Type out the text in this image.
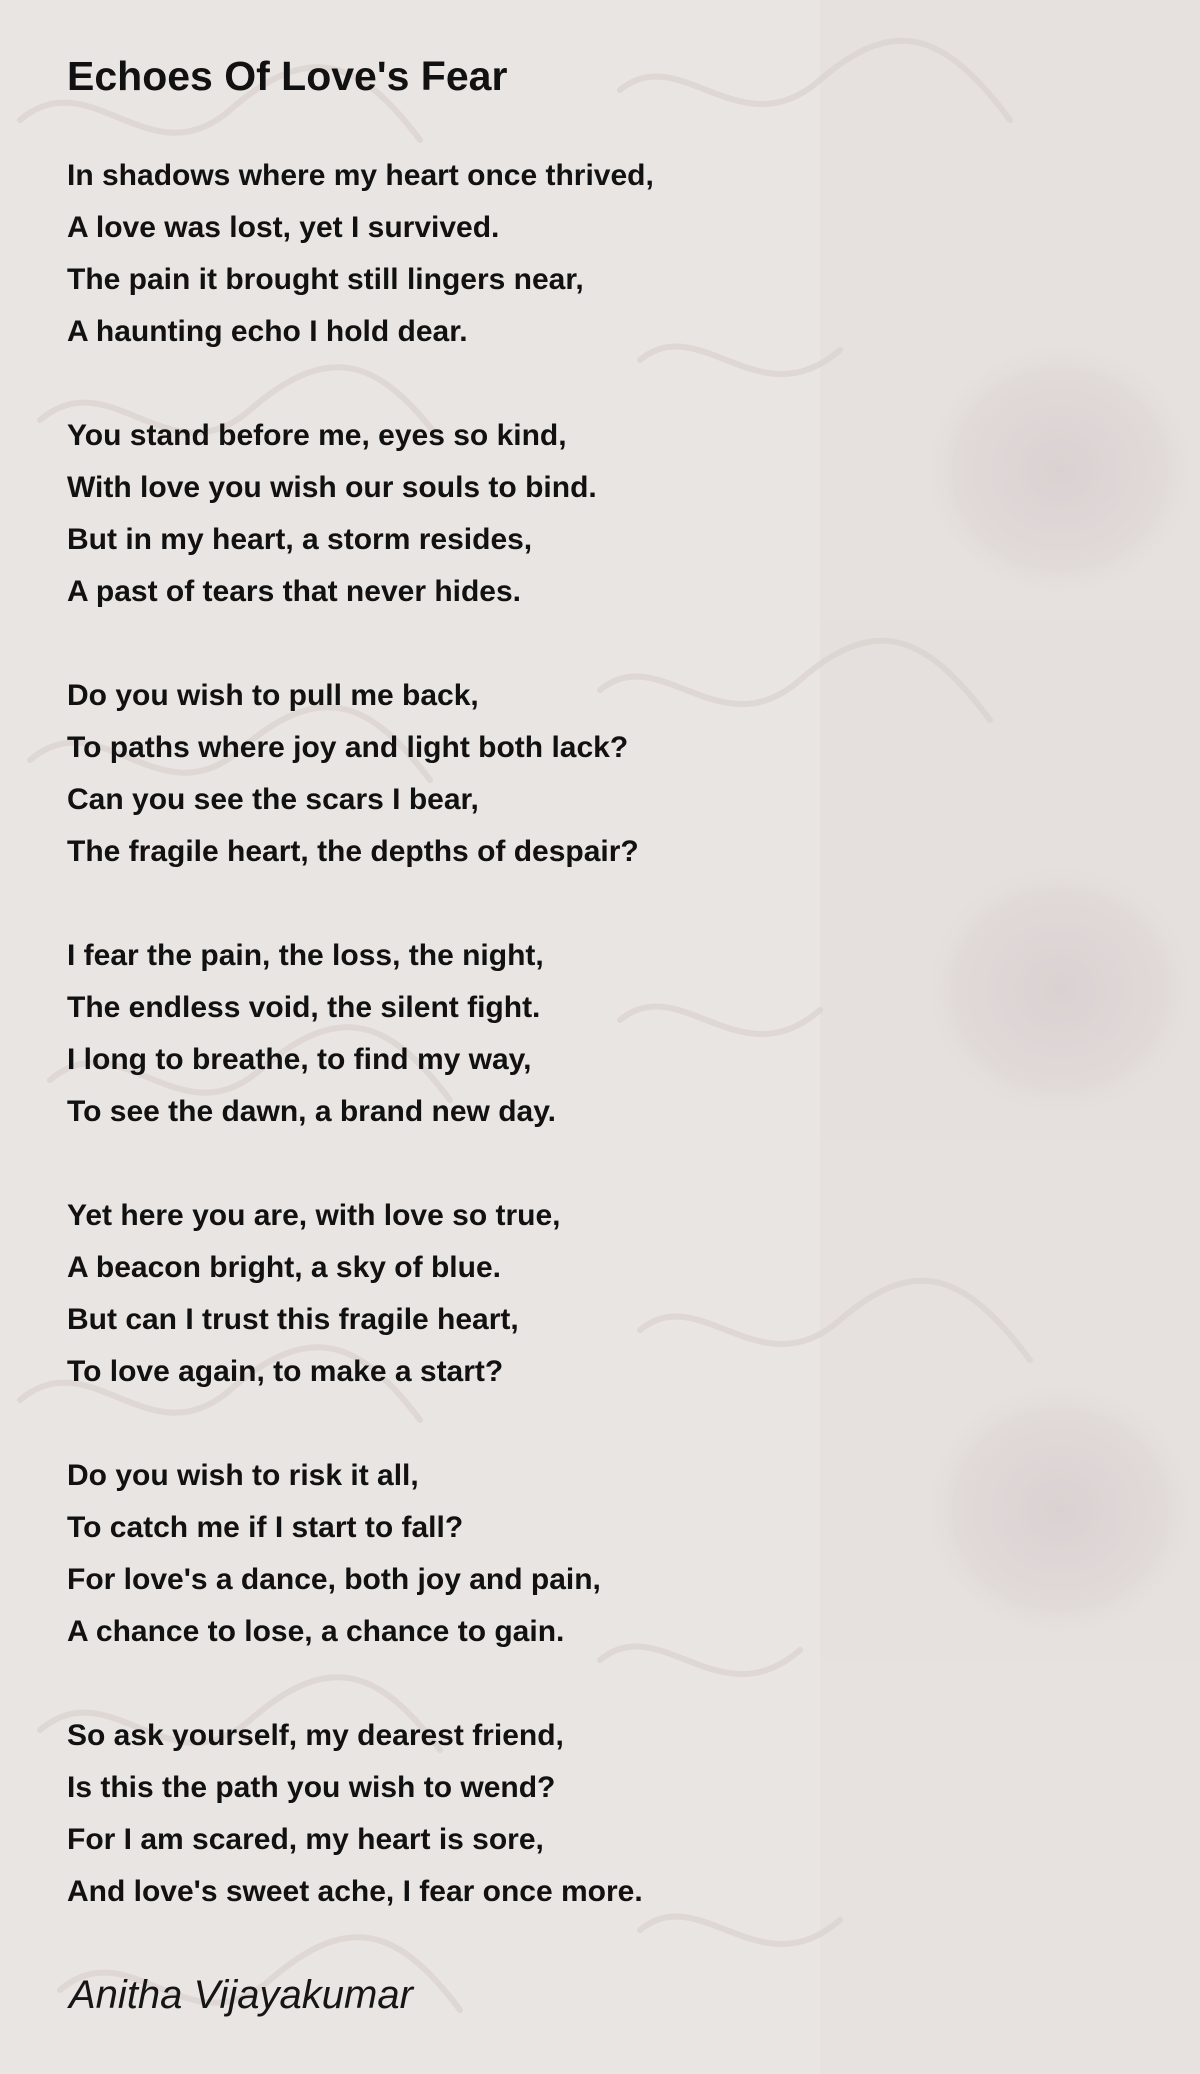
Echoes Of Love's Fear
In shadows where my heart once thrived,
A love was lost, yet I survived.
The pain it brought still lingers near,
A haunting echo I hold dear.
You stand before me, eyes so kind,
With love you wish our souls to bind.
But in my heart, a storm resides,
A past of tears that never hides.
Do you wish to pull me back,
To paths where joy and light both lack?
Can you see the scars I bear,
The fragile heart, the depths of despair?
I fear the pain, the loss, the night,
The endless void, the silent fight.
I long to breathe, to find my way,
To see the dawn, a brand new day.
Yet here you are, with love so true,
A beacon bright, a sky of blue.
But can I trust this fragile heart,
To love again, to make a start?
Do you wish to risk it all,
To catch me if I start to fall?
For love's a dance, both joy and pain,
A chance to lose, a chance to gain.
So ask yourself, my dearest friend,
Is this the path you wish to wend?
For I am scared, my heart is sore,
And love's sweet ache, I fear once more.
Anitha Vijayakumar
